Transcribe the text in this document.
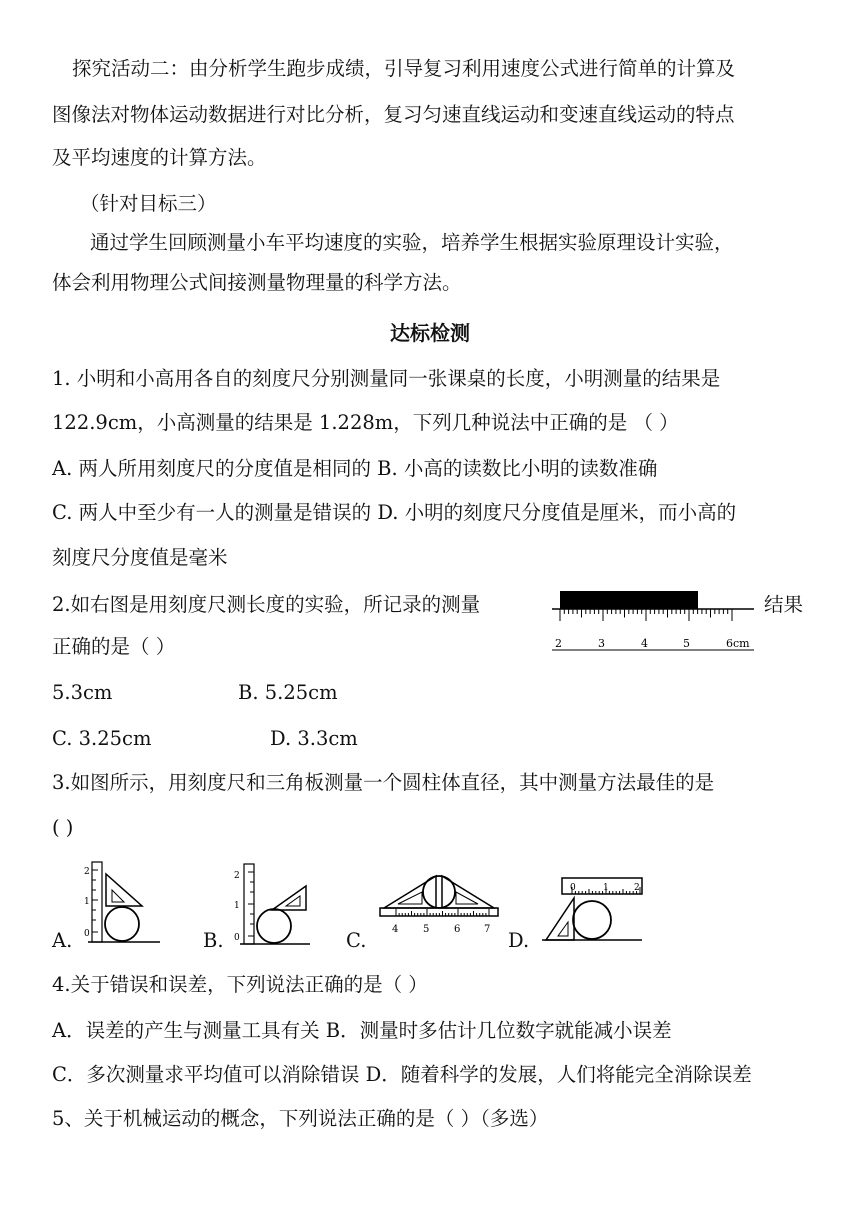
探究活动二：由分析学生跑步成绩，引导复习利用速度公式进行简单的计算及
图像法对物体运动数据进行对比分析，复习匀速直线运动和变速直线运动的特点
及平均速度的计算方法。
（针对目标三）
通过学生回顾测量小车平均速度的实验，培养学生根据实验原理设计实验，
体会利用物理公式间接测量物理量的科学方法。
达标检测
1. 小明和小高用各自的刻度尺分别测量同一张课桌的长度，小明测量的结果是
122.9cm，小高测量的结果是 1.228m，下列几种说法中正确的是 （ ）
A. 两人所用刻度尺的分度值是相同的 B. 小高的读数比小明的读数准确
C. 两人中至少有一人的测量是错误的 D. 小明的刻度尺分度值是厘米，而小高的
刻度尺分度值是毫米
2.如右图是用刻度尺测长度的实验，所记录的测量	结果
2	3	4	5	6cm
正确的是（ ）
5.3cm	B. 5.25cm
C. 3.25cm	D. 3.3cm
3.如图所示，用刻度尺和三角板测量一个圆柱体直径，其中测量方法最佳的是
( )
A.
2
1
0	B.
2
1
0	C.	4 5 6 7 D.
0	1	2
4.关于错误和误差，下列说法正确的是（ ）
A．误差的产生与测量工具有关 B．测量时多估计几位数字就能减小误差
C．多次测量求平均值可以消除错误 D．随着科学的发展，人们将能完全消除误差
5、关于机械运动的概念，下列说法正确的是（ ）（多选）
